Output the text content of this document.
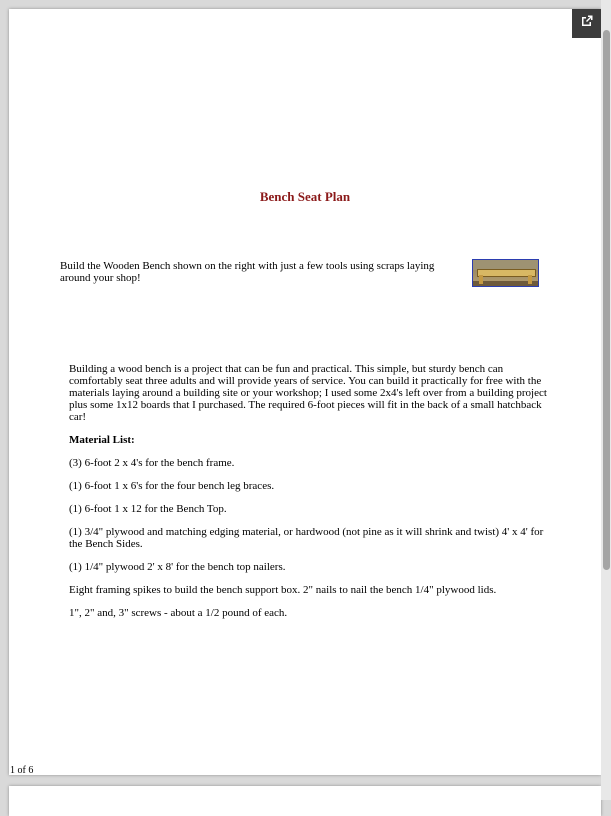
Bench Seat Plan
Build the Wooden Bench shown on the right with just a few tools using scraps laying around your shop!

Building a wood bench is a project that can be fun and practical. This simple, but sturdy bench can comfortably seat three adults and will provide years of service. You can build it practically for free with the materials laying around a building site or your workshop; I used some 2x4's left over from a building project plus some 1x12 boards that I purchased. The required 6-foot pieces will fit in the back of a small hatchback car!

Material List:

(3) 6-foot 2 x 4's for the bench frame.

(1) 6-foot 1 x 6's for the four bench leg braces.

(1) 6-foot 1 x 12 for the Bench Top.

(1) 3/4" plywood and matching edging material, or hardwood (not pine as it will shrink and twist) 4' x 4' for the Bench Sides.

(1) 1/4" plywood 2' x 8' for the bench top nailers.

Eight framing spikes to build the bench support box. 2" nails to nail the bench 1/4" plywood lids.

1", 2" and, 3" screws - about a 1/2 pound of each.

1 of 6
